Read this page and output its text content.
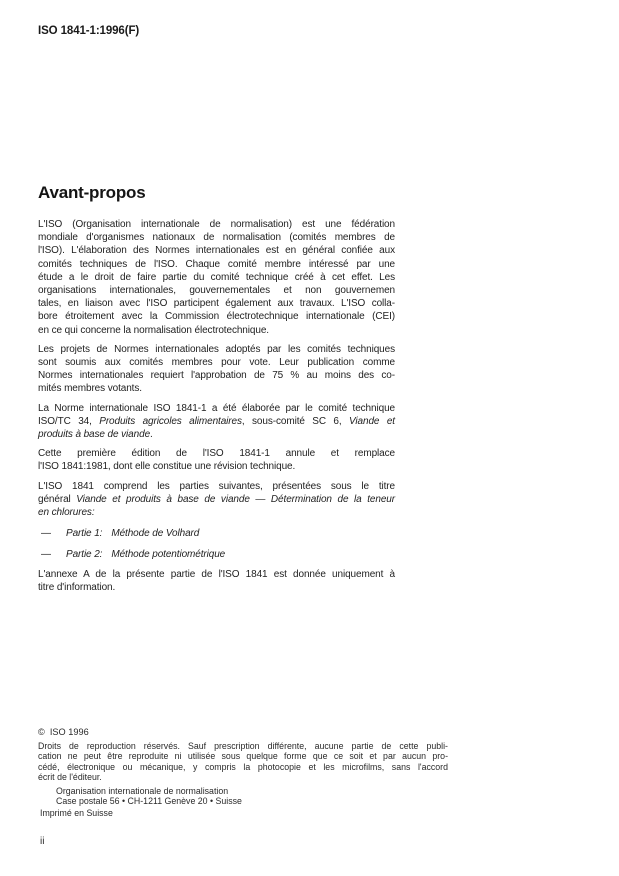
ISO 1841-1:1996(F)
Avant-propos
L'ISO (Organisation internationale de normalisation) est une fédération
mondiale d'organismes nationaux de normalisation (comités membres de
l'ISO). L'élaboration des Normes internationales est en général confiée aux
comités techniques de l'ISO. Chaque comité membre intéressé par une
étude a le droit de faire partie du comité technique créé à cet effet. Les
organisations internationales, gouvernementales et non gouvernemen
tales, en liaison avec l'ISO participent également aux travaux. L'ISO colla-
bore étroitement avec la Commission électrotechnique internationale (CEI)
en ce qui concerne la normalisation électrotechnique.
Les projets de Normes internationales adoptés par les comités techniques
sont soumis aux comités membres pour vote. Leur publication comme
Normes internationales requiert l'approbation de 75 % au moins des co-
mités membres votants.
La Norme internationale ISO 1841-1 a été élaborée par le comité technique
ISO/TC 34, Produits agricoles alimentaires, sous-comité SC 6, Viande et
produits à base de viande.
Cette première édition de l'ISO 1841-1 annule et remplace
l'ISO 1841:1981, dont elle constitue une révision technique.
L'ISO 1841 comprend les parties suivantes, présentées sous le titre
général Viande et produits à base de viande — Détermination de la teneur
en chlorures:
—	Partie 1: Méthode de Volhard
—	Partie 2: Méthode potentiométrique
L'annexe A de la présente partie de l'ISO 1841 est donnée uniquement à
titre d'information.
©  ISO 1996
Droits de reproduction réservés. Sauf prescription différente, aucune partie de cette publi-
cation ne peut être reproduite ni utilisée sous quelque forme que ce soit et par aucun pro-
cédé, électronique ou mécanique, y compris la photocopie et les microfilms, sans l'accord
écrit de l'éditeur.
Organisation internationale de normalisation
Case postale 56 • CH-1211 Genève 20 • Suisse
Imprimé en Suisse
ii
